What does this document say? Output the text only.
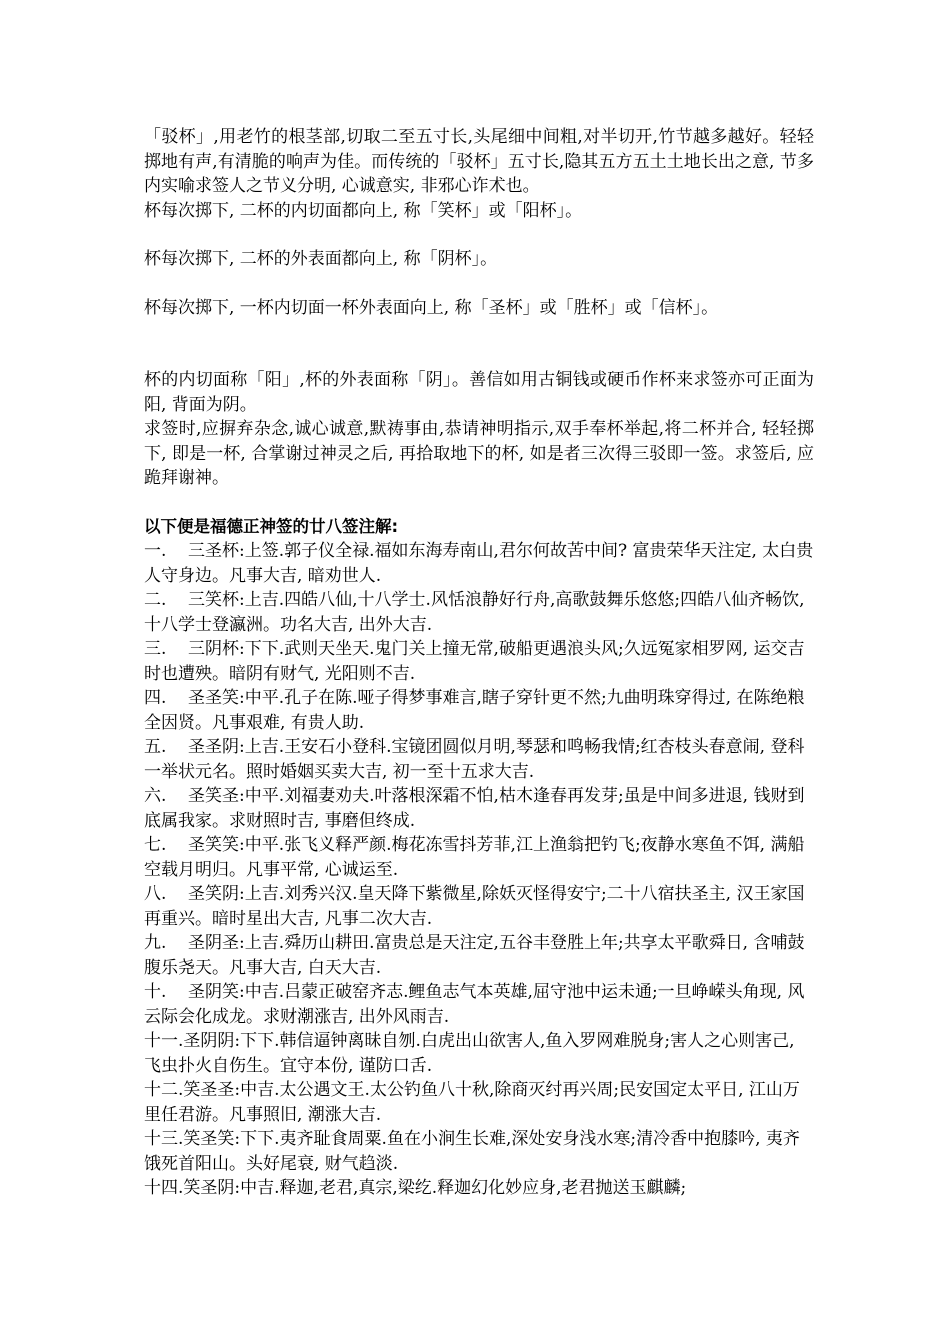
「驳杯」,用老竹的根茎部,切取二至五寸长,头尾细中间粗,对半切开,竹节越多越好。轻轻掷地有声,有清脆的响声为佳。而传统的「驳杯」五寸长,隐其五方五土土地长出之意, 节多内实喻求签人之节义分明, 心诚意实, 非邪心诈术也。

杯每次掷下, 二杯的内切面都向上, 称「笑杯」或「阳杯」。

杯每次掷下, 二杯的外表面都向上, 称「阴杯」。

杯每次掷下, 一杯内切面一杯外表面向上, 称「圣杯」或「胜杯」或「信杯」。

杯的内切面称「阳」,杯的外表面称「阴」。善信如用古铜钱或硬币作杯来求签亦可正面为阳, 背面为阴。

求签时,应摒弃杂念,诚心诚意,默祷事由,恭请神明指示,双手奉杯举起,将二杯并合, 轻轻掷下, 即是一杯, 合掌谢过神灵之后, 再拾取地下的杯, 如是者三次得三驳即一签。求签后, 应跪拜谢神。

以下便是福德正神签的廿八签注解:

一.    三圣杯:上签.郭子仪全禄.福如东海寿南山,君尔何故苦中间? 富贵荣华天注定, 太白贵人守身边。凡事大吉, 暗劝世人.

二.    三笑杯:上吉.四皓八仙,十八学士.风恬浪静好行舟,高歌鼓舞乐悠悠;四皓八仙齐畅饮, 十八学士登瀛洲。功名大吉, 出外大吉.

三.    三阴杯:下下.武则天坐天.鬼门关上撞无常,破船更遇浪头风;久远冤家相罗网, 运交吉时也遭殃。暗阴有财气, 光阳则不吉.

四.    圣圣笑:中平.孔子在陈.哑子得梦事难言,瞎子穿针更不然;九曲明珠穿得过, 在陈绝粮全因贤。凡事艰难, 有贵人助.

五.    圣圣阴:上吉.王安石小登科.宝镜团圆似月明,琴瑟和鸣畅我情;红杏枝头春意闹, 登科一举状元名。照时婚姻买卖大吉, 初一至十五求大吉.

六.    圣笑圣:中平.刘福妻劝夫.叶落根深霜不怕,枯木逢春再发芽;虽是中间多进退, 钱财到底属我家。求财照时吉, 事磨但终成.

七.    圣笑笑:中平.张飞义释严颜.梅花冻雪抖芳菲,江上渔翁把钓飞;夜静水寒鱼不饵, 满船空载月明归。凡事平常, 心诚运至.

八.    圣笑阴:上吉.刘秀兴汉.皇天降下紫微星,除妖灭怪得安宁;二十八宿扶圣主, 汉王家国再重兴。暗时星出大吉, 凡事二次大吉.

九.    圣阴圣:上吉.舜历山耕田.富贵总是天注定,五谷丰登胜上年;共享太平歌舜日, 含哺鼓腹乐尧天。凡事大吉, 白天大吉.

十.    圣阴笑:中吉.吕蒙正破窑齐志.鲤鱼志气本英雄,屈守池中运未通;一旦峥嵘头角现, 风云际会化成龙。求财潮涨吉, 出外风雨吉.

十一.圣阴阴:下下.韩信逼钟离昧自刎.白虎出山欲害人,鱼入罗网难脱身;害人之心则害己, 飞虫扑火自伤生。宜守本份, 谨防口舌.

十二.笑圣圣:中吉.太公遇文王.太公钓鱼八十秋,除商灭纣再兴周;民安国定太平日, 江山万里任君游。凡事照旧, 潮涨大吉.

十三.笑圣笑:下下.夷齐耻食周粟.鱼在小涧生长难,深处安身浅水寒;清冷香中抱膝吟, 夷齐饿死首阳山。头好尾衰, 财气趋淡.

十四.笑圣阴:中吉.释迦,老君,真宗,梁纥.释迦幻化妙应身,老君抛送玉麒麟;
